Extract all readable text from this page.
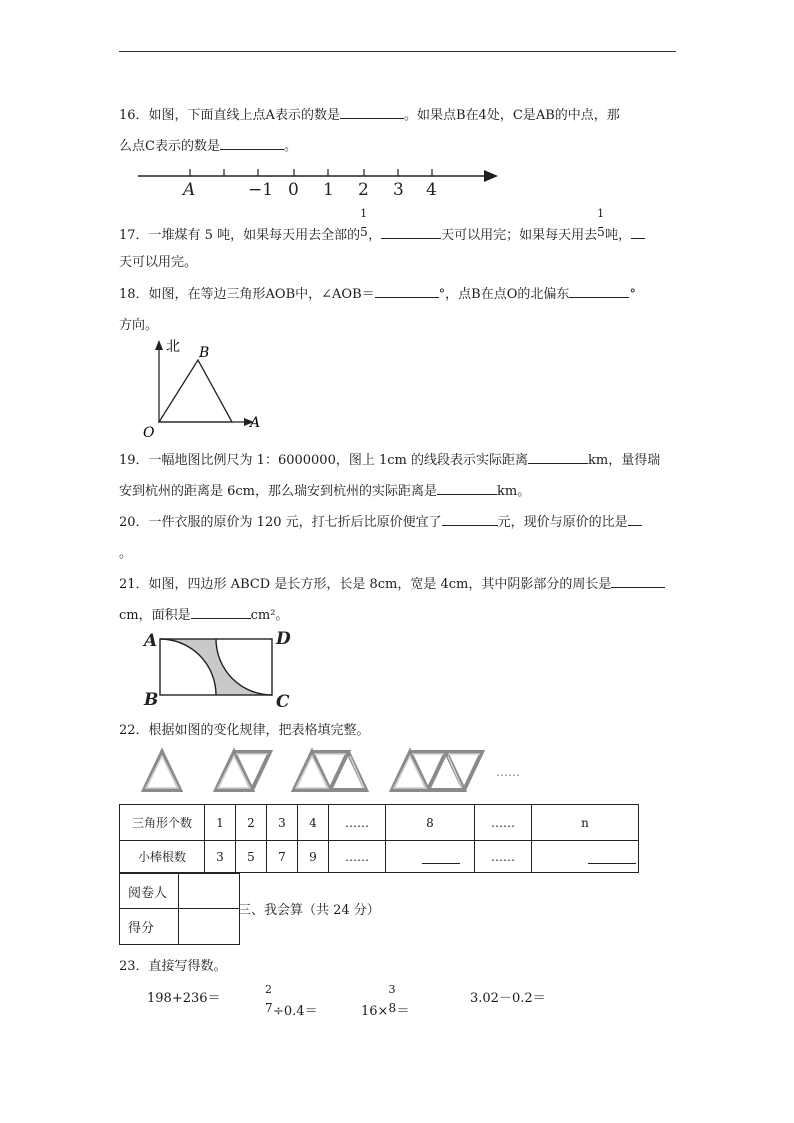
16．如图，下面直线上点A表示的数是	。如果点B在4处，C是AB的中点，那
么点C表示的数是	。
A	−1 0 1 2 3 4
17．一堆煤有 5 吨，如果每天用去全部的
1
5 ，	天可以用完；如果每天用去
1
5 吨，
天可以用完。
18．如图，在等边三角形AOB中，∠AOB＝	°，点B在点O的北偏东	°
方向。
北 B
O
A
19．一幅地图比例尺为 1：6000000，图上 1cm 的线段表示实际距离	km，量得瑞
安到杭州的距离是 6cm，那么瑞安到杭州的实际距离是	km。
20．一件衣服的原价为 120 元，打七折后比原价便宜了	元，现价与原价的比是
。
21．如图，四边形 ABCD 是长方形，长是 8cm，宽是 4cm，其中阴影部分的周长是
cm，面积是	cm²。
A	D
B	C
22．根据如图的变化规律，把表格填完整。
……
三角形个数	1	2	3	4	……	8	……	n
小棒根数	3	5	7	9	……		……	
阅卷人	
得分	
三、我会算（共 24 分）
23．直接写得数。
198+236＝
2
7 ÷0.4＝	16×
3
8 ＝
3.02－0.2＝
